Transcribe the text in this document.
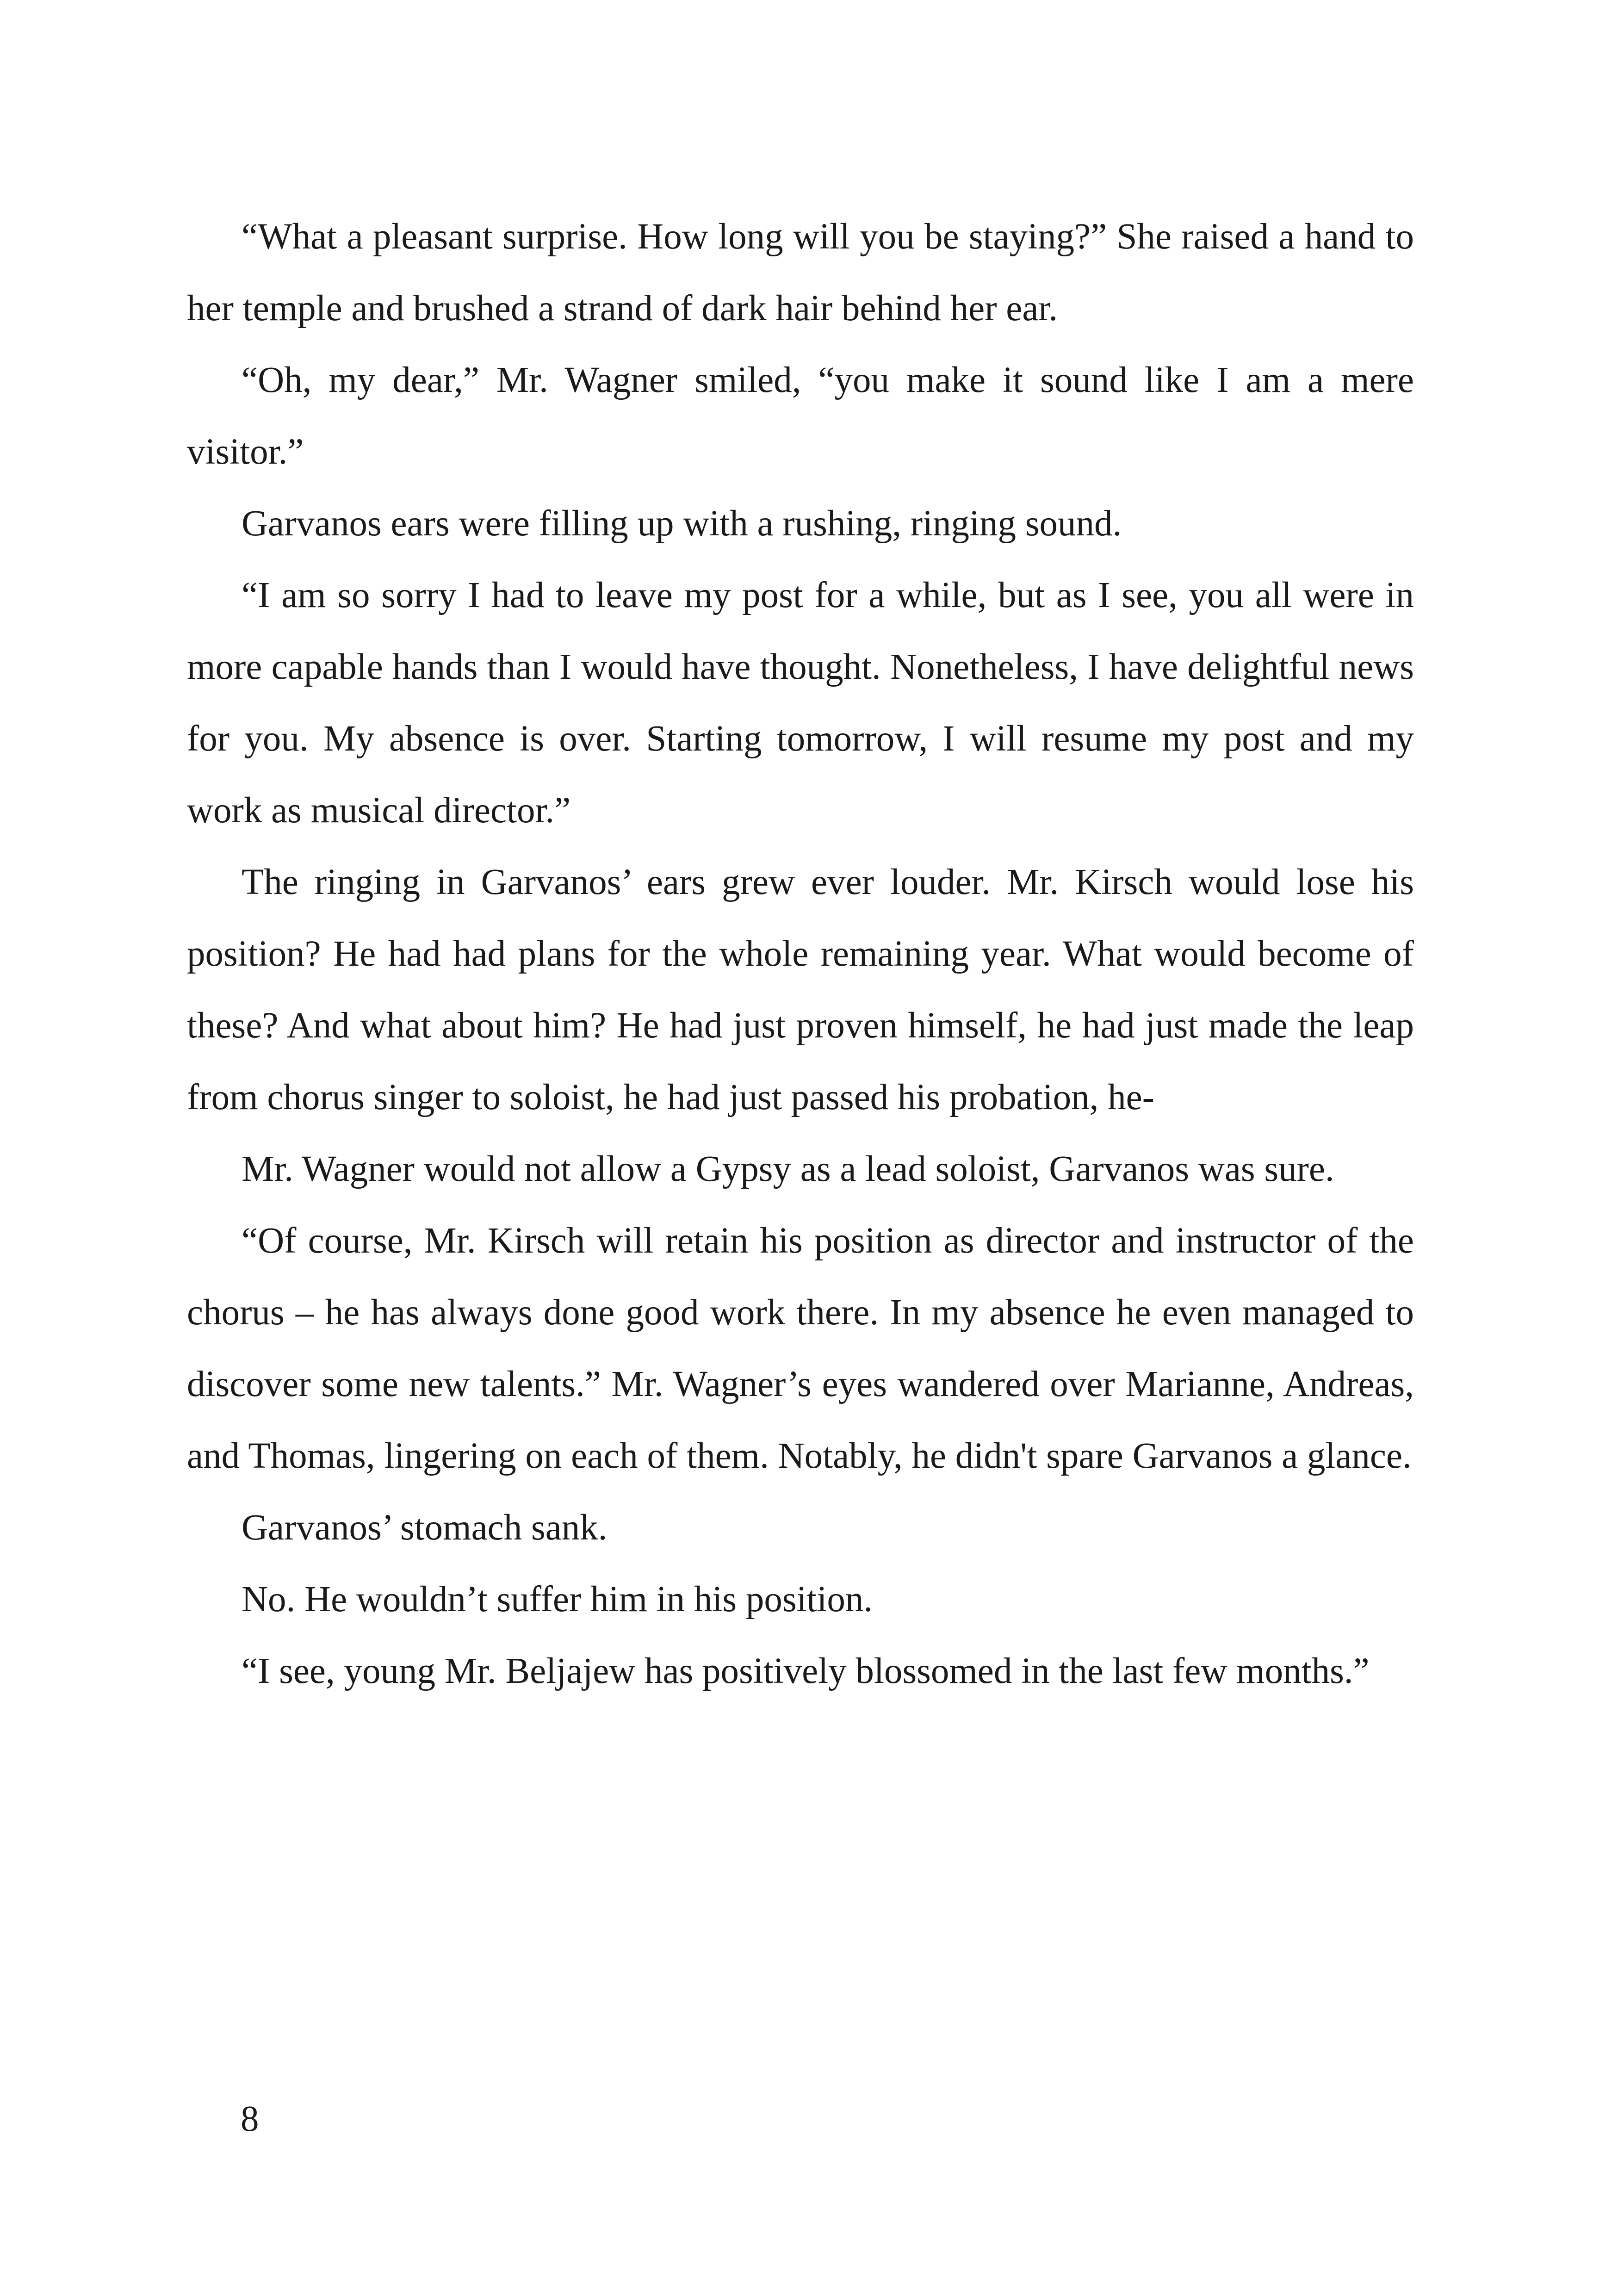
“What a pleasant surprise. How long will you be staying?” She raised a hand to her temple and brushed a strand of dark hair behind her ear.

“Oh, my dear,” Mr. Wagner smiled, “you make it sound like I am a mere visitor.”

Garvanos ears were filling up with a rushing, ringing sound.

“I am so sorry I had to leave my post for a while, but as I see, you all were in more capable hands than I would have thought. Nonetheless, I have delightful news for you. My absence is over. Starting tomorrow, I will resume my post and my work as musical director.”

The ringing in Garvanos’ ears grew ever louder. Mr. Kirsch would lose his position? He had had plans for the whole remaining year. What would become of these? And what about him? He had just proven himself, he had just made the leap from chorus singer to soloist, he had just passed his probation, he-

Mr. Wagner would not allow a Gypsy as a lead soloist, Garvanos was sure.

“Of course, Mr. Kirsch will retain his position as director and instructor of the chorus – he has always done good work there. In my absence he even managed to discover some new talents.” Mr. Wagner’s eyes wandered over Marianne, Andreas, and Thomas, lingering on each of them. Notably, he didn't spare Garvanos a glance.

Garvanos’ stomach sank.

No. He wouldn’t suffer him in his position.

“I see, young Mr. Beljajew has positively blossomed in the last few months.”

8
